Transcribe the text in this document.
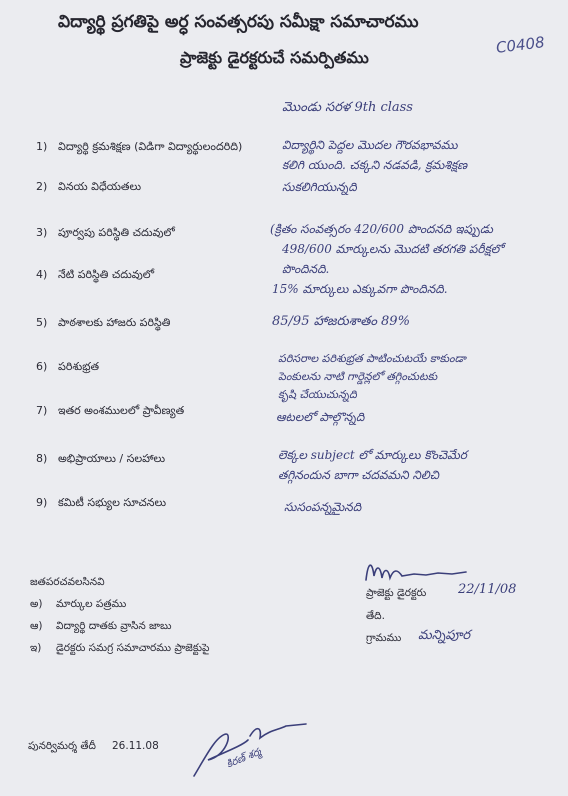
విద్యార్థి ప్రగతిపై అర్ధ సంవత్సరపు సమీక్షా సమాచారము
ప్రాజెక్టు డైరక్టరుచే సమర్పితము
C0408
మొండు సరళ 9th class
1) విద్యార్థి క్రమశిక్షణ (విడిగా విద్యార్థులందరిది)
2) వినయ విధేయతలు
3) పూర్వపు పరిస్థితి చదువులో
4) నేటి పరిస్థితి చదువులో
5) పాఠశాలకు హాజరు పరిస్థితి
6) పరిశుభ్రత
7) ఇతర అంశములలో ప్రావీణ్యత
8) అభిప్రాయాలు / సలహాలు
9) కమిటీ సభ్యుల సూచనలు
విద్యార్థిని పెద్దల మొదల గౌరవభావము
కలిగి యుంది. చక్కని నడవడి, క్రమశిక్షణ
సుకలిగియున్నది
(క్రితం సంవత్సరం 420/600 పొందనది ఇప్పుడు
498/600 మార్కులను మొదటి తరగతి పరీక్షలో
పొందినది.
15% మార్కులు ఎక్కువగా పొందినది.
85/95 హాజరుశాతం 89%
పరిసరాల పరిశుభ్రత పాటించుటయే కాకుండా
పెంకులను నాటి గార్డెన్లలో తగ్గించుటకు
కృషి చేయుచున్నది
ఆటలలో పాల్గొన్నది
లెక్కల subject లో మార్కులు కొంచెమేర
తగ్గినందున బాగా చదవమని నిలిచి
సుసంపన్నమైనది
జతపరచవలసినవి
అ) మార్కుల పత్రము
ఆ) విద్యార్థి దాతకు వ్రాసిన జాబు
ఇ) డైరక్టరు సమగ్ర సమాచారము ప్రాజెక్టుపై
ప్రాజెక్టు డైరక్టరు 22/11/08
తేది.
గ్రామము మన్నిపూర
పునర్విమర్శ తేదీ 26.11.08
కిరణ్ శర్మ
